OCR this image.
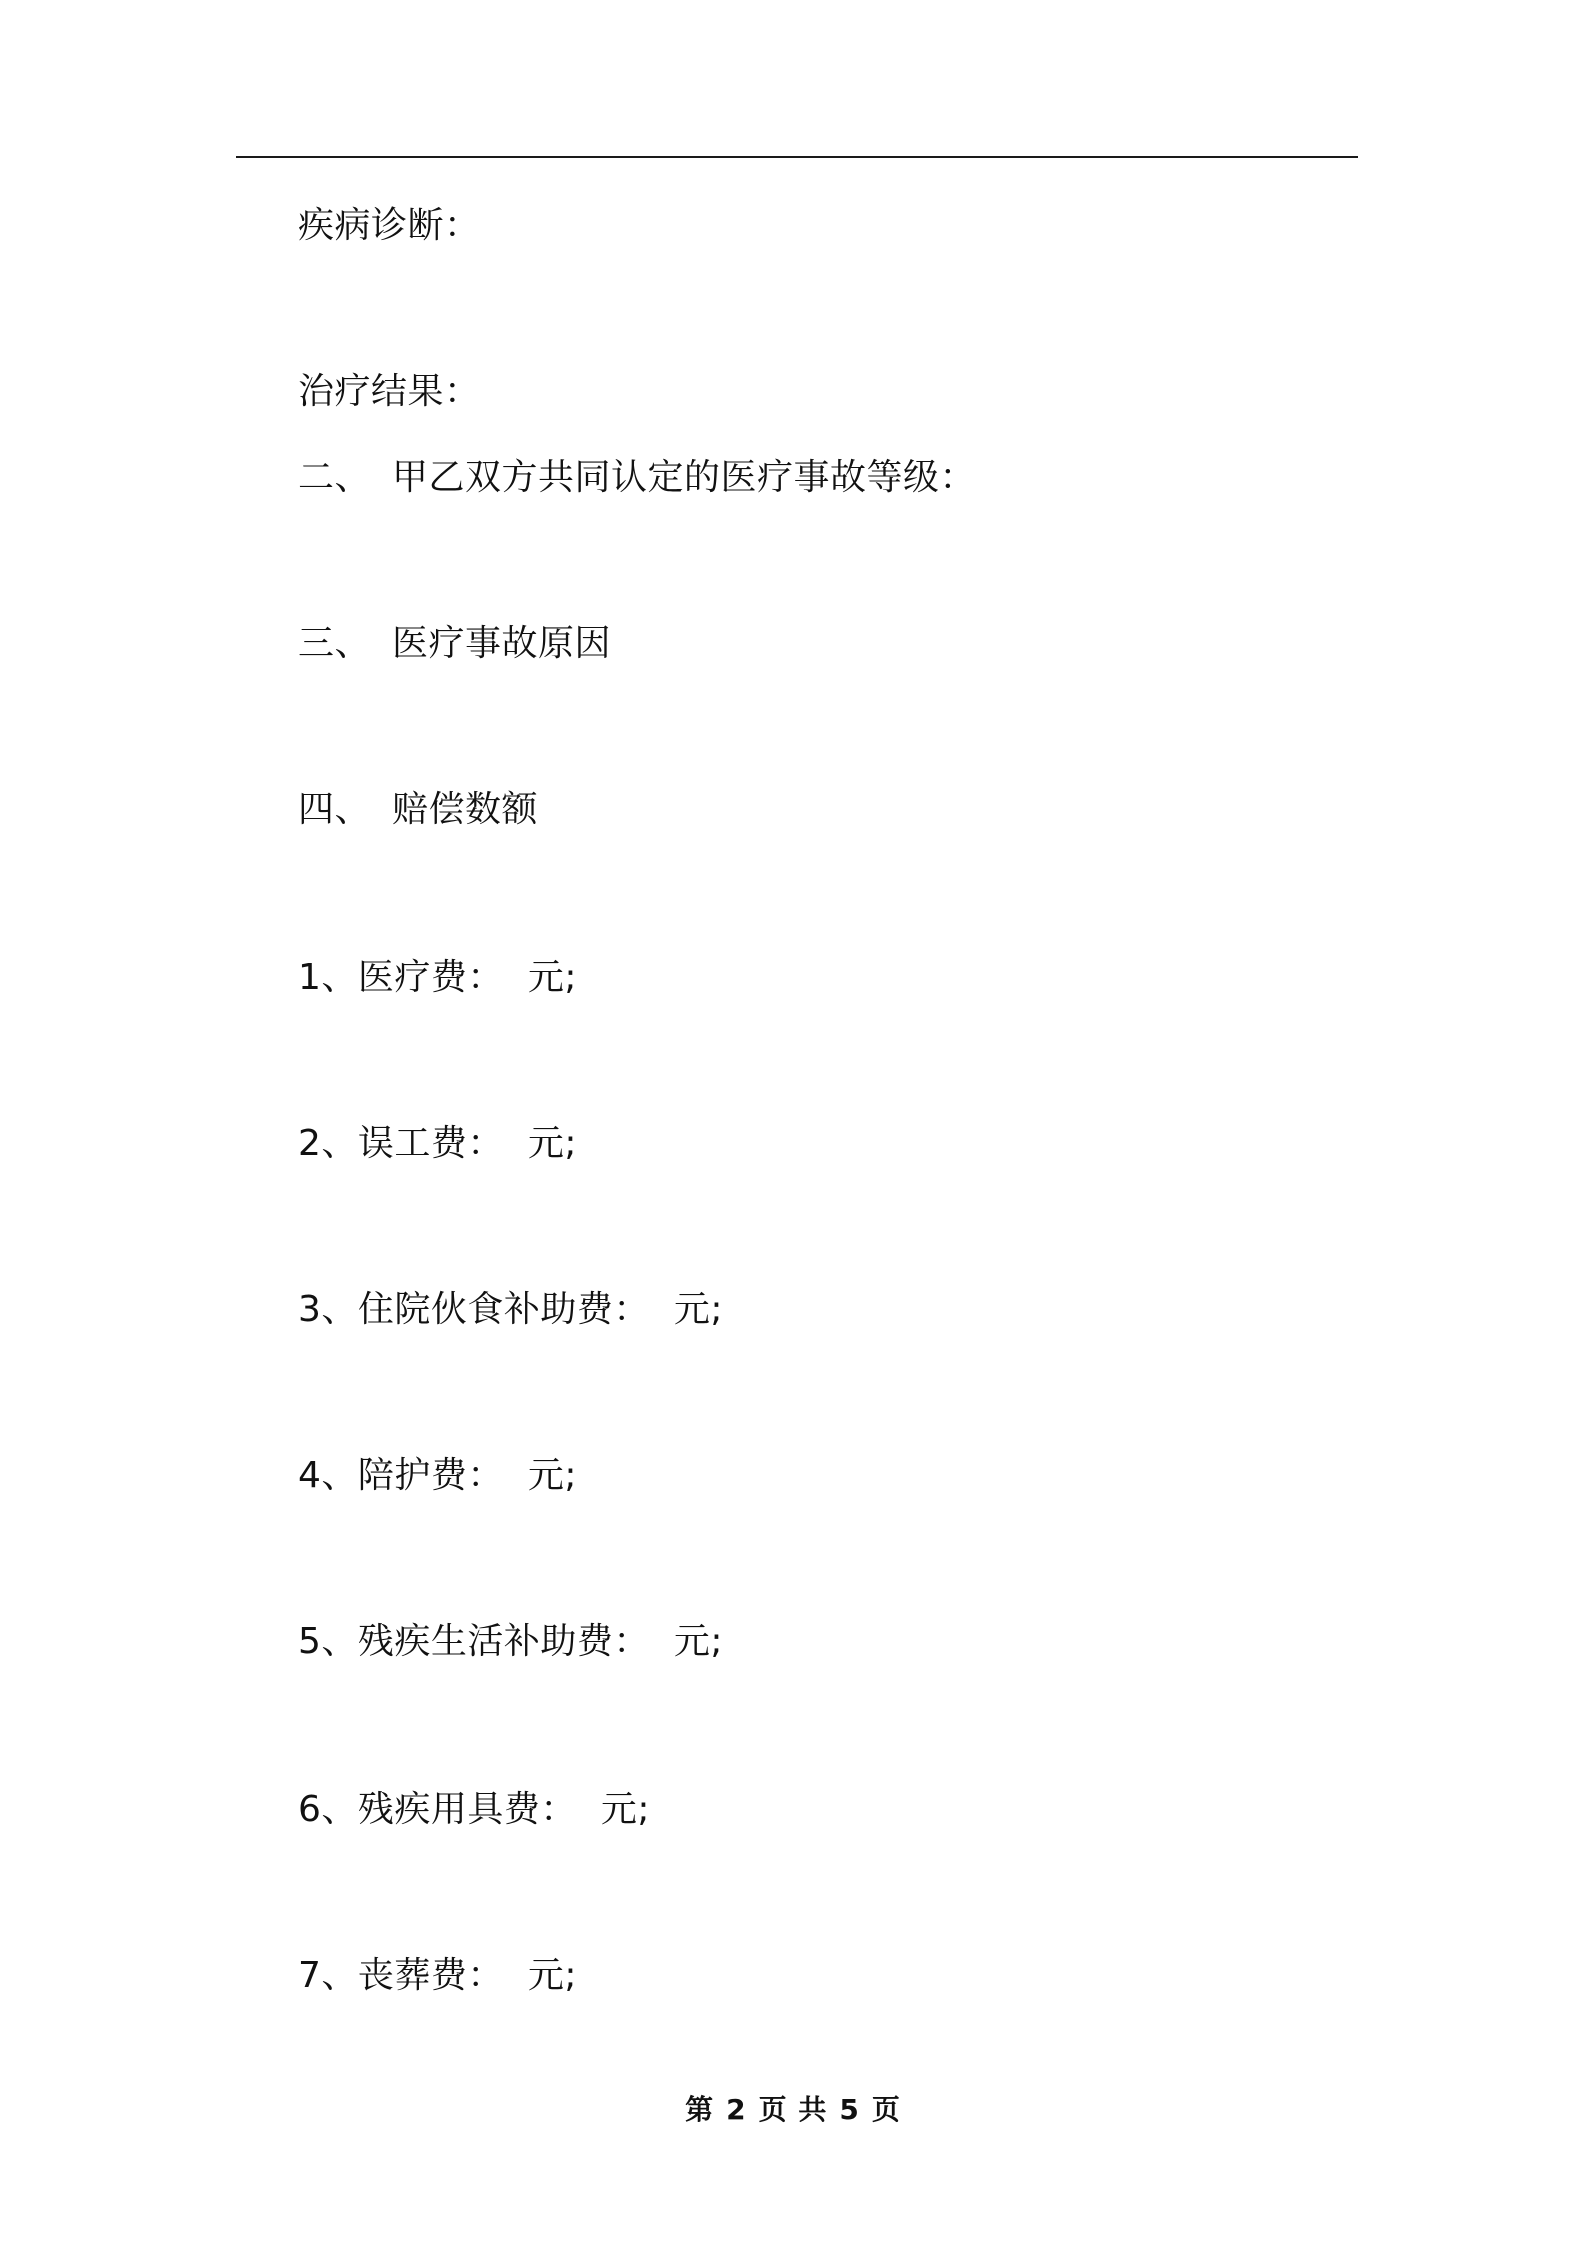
疾病诊断：
治疗结果：
二、 甲乙双方共同认定的医疗事故等级：
三、 医疗事故原因
四、 赔偿数额
1、医疗费： 元;
2、误工费： 元;
3、住院伙食补助费： 元;
4、陪护费： 元;
5、残疾生活补助费： 元;
6、残疾用具费： 元;
7、丧葬费： 元;
第 2 页 共 5 页
